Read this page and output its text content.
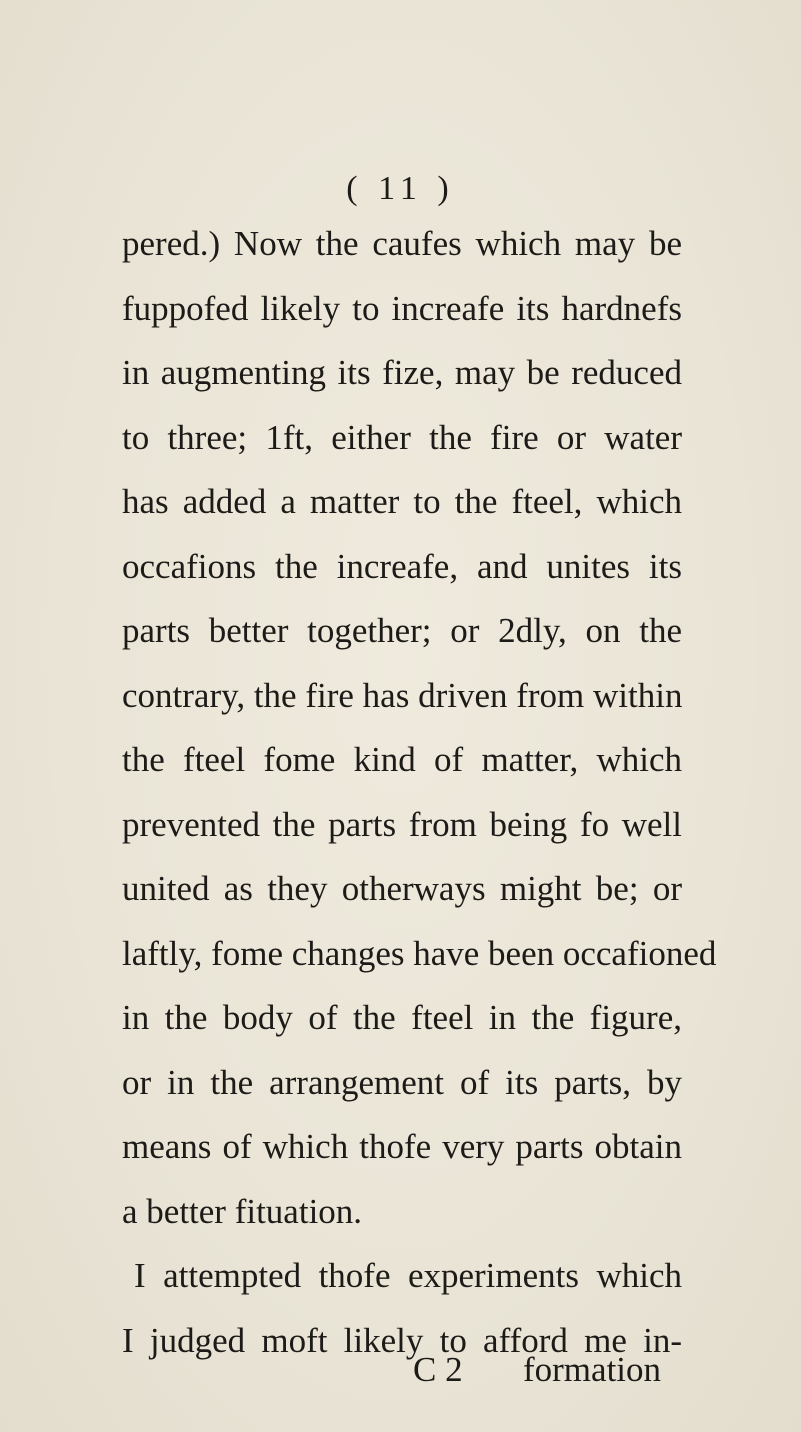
( 11 )
pered.) Now the caufes which may be
fuppofed likely to increafe its hardnefs
in augmenting its fize, may be reduced
to three; 1ft, either the fire or water
has added a matter to the fteel, which
occafions the increafe, and unites its
parts better together; or 2dly, on the
contrary, the fire has driven from within
the fteel fome kind of matter, which
prevented the parts from being fo well
united as they otherways might be; or
laftly, fome changes have been occafioned
in the body of the fteel in the figure,
or in the arrangement of its parts, by
means of which thofe very parts obtain
a better fituation.
I attempted thofe experiments which
I judged moft likely to afford me in-
C 2 formation
